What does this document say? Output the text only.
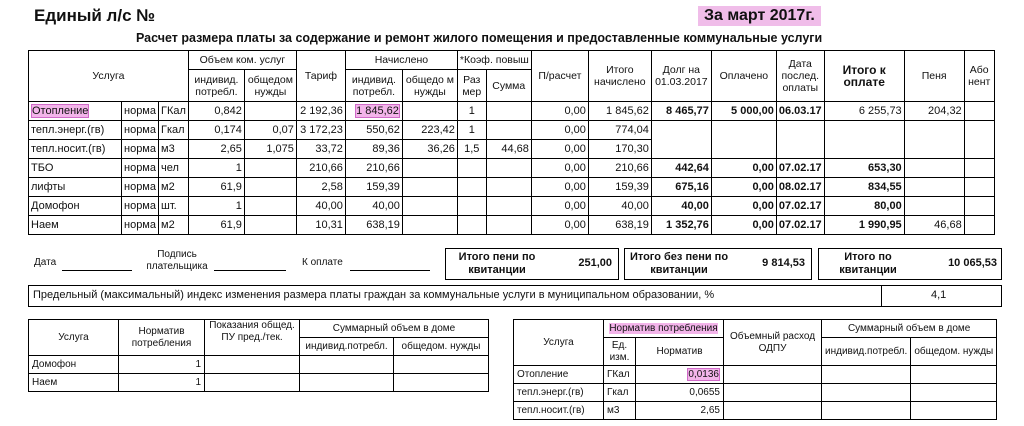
Единый л/с №	За март 2017г.
Расчет размера платы за содержание и ремонт жилого помещения и предоставленные коммунальные услуги
Услуга			Объем ком. услуг		Тариф	Начислено		*Коэф. повыш		П/расчет	Итого начислено	Долг на 01.03.2017	Оплачено	Дата послед. оплаты	Итого к оплате	Пеня	Або нент
			индивид. потребл.	общедом нужды		индивид. потребл.	общедо м нужды	Раз мер	Сумма								
Отопление	норма	ГКал	0,842		2 192,36	1 845,62		1		0,00	1 845,62	8 465,77	5 000,00	06.03.17	6 255,73	204,32	
тепл.энерг.(гв)	норма	Гкал	0,174	0,07	3 172,23	550,62	223,42	1		0,00	774,04						
тепл.носит.(гв)	норма	м3	2,65	1,075	33,72	89,36	36,26	1,5	44,68	0,00	170,30						
ТБО	норма	чел	1		210,66	210,66				0,00	210,66	442,64	0,00	07.02.17	653,30		
лифты	норма	м2	61,9		2,58	159,39				0,00	159,39	675,16	0,00	08.02.17	834,55		
Домофон	норма	шт.	1		40,00	40,00				0,00	40,00	40,00	0,00	07.02.17	80,00		
Наем	норма	м2	61,9		10,31	638,19				0,00	638,19	1 352,76	0,00	07.02.17	1 990,95	46,68	
Дата
Подпись плательщика	К оплате	Итого пени по квитанции
251,00 Итого без пени по квитанции
9 814,53	Итого по квитанции
10 065,53
Предельный (максимальный) индекс изменения размера платы граждан за коммунальные услуги в муниципальном образовании, %	4,1
Услуга	Норматив потребления	Показания общед. ПУ пред./тек.	Суммарный объем в доме	
			индивид.потребл.	общедом. нужды
Домофон	1			
Наем	1			
Услуга	Норматив потребления		Объемный расход ОДПУ	Суммарный объем в доме	
	Ед. изм.	Норматив		индивид.потребл.	общедом. нужды
Отопление	ГКал	0,0136			
тепл.энерг.(гв)	Гкал	0,0655			
тепл.носит.(гв)	м3	2,65			
